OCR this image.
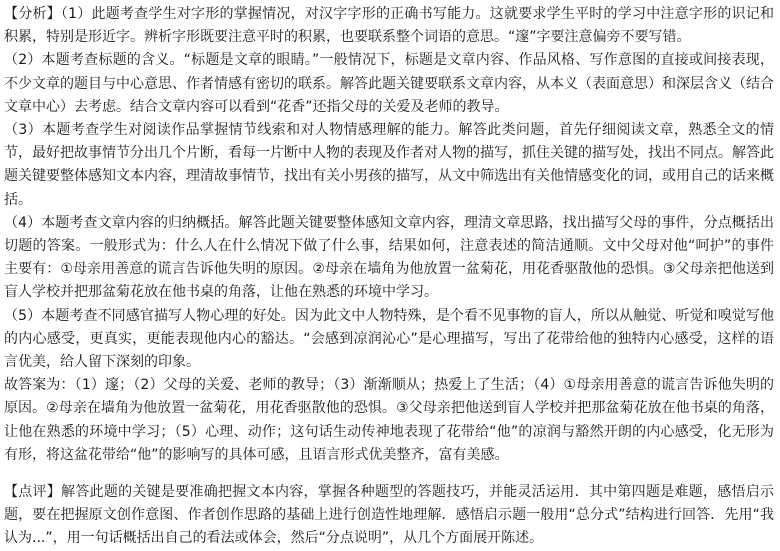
【分析】（1）此题考查学生对字形的掌握情况，对汉字字形的正确书写能力。这就要求学生平时的学习中注意字形的识记和积累，特别是形近字。辨析字形既要注意平时的积累，也要联系整个词语的意思。“邃”字要注意偏旁不要写错。

（2）本题考查标题的含义。“标题是文章的眼睛。”一般情况下，标题是文章内容、作品风格、写作意图的直接或间接表现，不少文章的题目与中心意思、作者情感有密切的联系。解答此题关键要联系文章内容，从本义（表面意思）和深层含义（结合文章中心）去考虑。结合文章内容可以看到“花香”还指父母的关爱及老师的教导。

（3）本题考查学生对阅读作品掌握情节线索和对人物情感理解的能力。解答此类问题，首先仔细阅读文章，熟悉全文的情节，最好把故事情节分出几个片断，看每一片断中人物的表现及作者对人物的描写，抓住关键的描写处，找出不同点。解答此题关键要整体感知文本内容，理清故事情节，找出有关小男孩的描写，从文中筛选出有关他情感变化的词，或用自己的话来概括。

（4）本题考查文章内容的归纳概括。解答此题关键要整体感知文章内容，理清文章思路，找出描写父母的事件，分点概括出切题的答案。一般形式为：什么人在什么情况下做了什么事，结果如何，注意表述的简洁通顺。文中父母对他“呵护”的事件主要有：①母亲用善意的谎言告诉他失明的原因。②母亲在墙角为他放置一盆菊花，用花香驱散他的恐惧。③父母亲把他送到盲人学校并把那盆菊花放在他书桌的角落，让他在熟悉的环境中学习。

（5）本题考查不同感官描写人物心理的好处。因为此文中人物特殊，是个看不见事物的盲人，所以从触觉、听觉和嗅觉写他的内心感受，更真实，更能表现他内心的豁达。“会感到凉润沁心”是心理描写，写出了花带给他的独特内心感受，这样的语言优美，给人留下深刻的印象。

故答案为：（1）邃；（2）父母的关爱、老师的教导；（3）渐渐顺从；热爱上了生活；（4）①母亲用善意的谎言告诉他失明的原因。②母亲在墙角为他放置一盆菊花，用花香驱散他的恐惧。③父母亲把他送到盲人学校并把那盆菊花放在他书桌的角落，让他在熟悉的环境中学习；（5）心理、动作；这句话生动传神地表现了花带给“他”的凉润与豁然开朗的内心感受，化无形为有形，将这盆花带给“他”的影响写的具体可感，且语言形式优美整齐，富有美感。

【点评】解答此题的关键是要准确把握文本内容，掌握各种题型的答题技巧，并能灵活运用．其中第四题是难题，感悟启示题，要在把握原文创作意图、作者创作思路的基础上进行创造性地理解．感悟启示题一般用“总分式”结构进行回答．先用“我认为...”，用一句话概括出自己的看法或体会，然后“分点说明”，从几个方面展开陈述。
